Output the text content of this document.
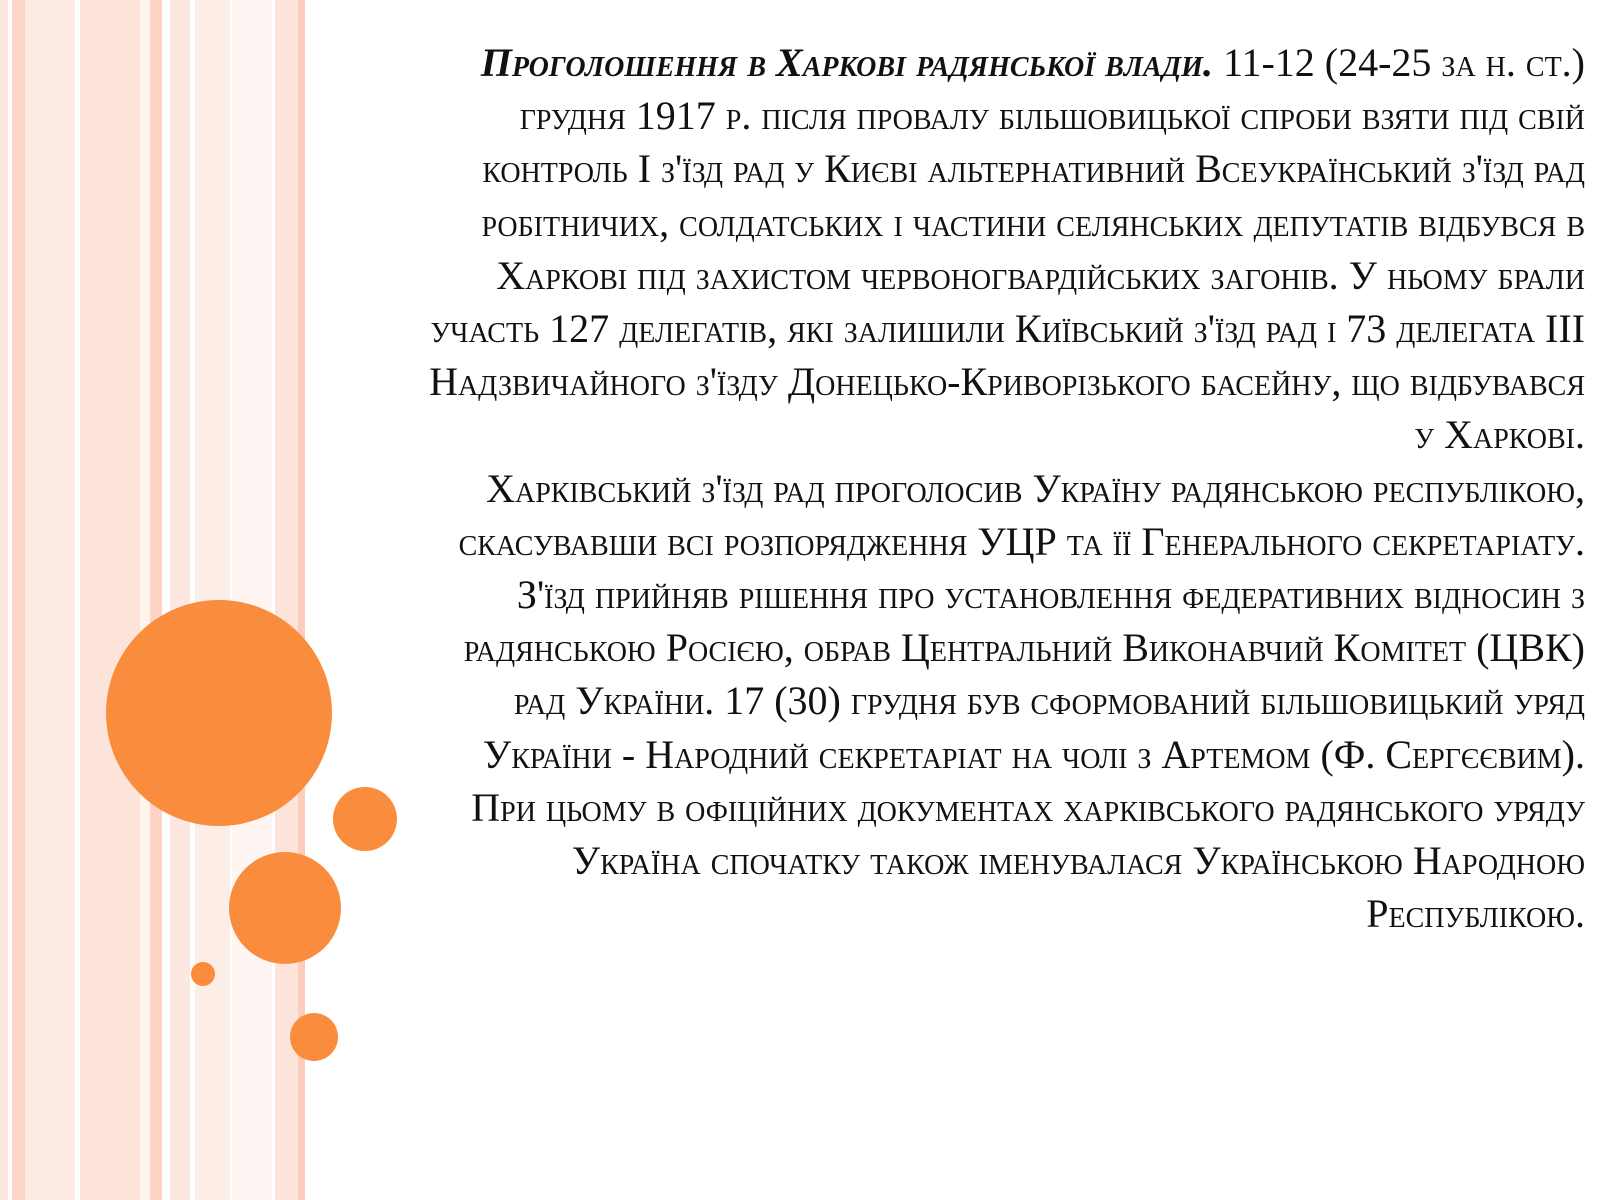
Проголошення в Харкові радянської влади. 11-12 (24-25 за н. ст.) грудня 1917 р. після провалу більшовицької спроби взяти під свій контроль І з'їзд рад у Києві альтернативний Всеукраїнський з'їзд рад робітничих, солдатських і частини селянських депутатів відбувся в Харкові під захистом червоногвардійських загонів. У ньому брали участь 127 делегатів, які залишили Київський з'їзд рад і 73 делегата III Надзвичайного з'їзду Донецько-Криворізького басейну, що відбувався у Харкові.

Харківський з'їзд рад проголосив Україну радянською республікою, скасувавши всі розпорядження УЦР та її Генерального секретаріату. З'їзд прийняв рішення про установлення федеративних відносин з радянською Росією, обрав Центральний Виконавчий Комітет (ЦВК) рад України. 17 (30) грудня був сформований більшовицький уряд України - Народний секретаріат на чолі з Артемом (Ф. Сергєєвим). При цьому в офіційних документах харківського радянського уряду Україна спочатку також іменувалася Українською Народною Республікою.
